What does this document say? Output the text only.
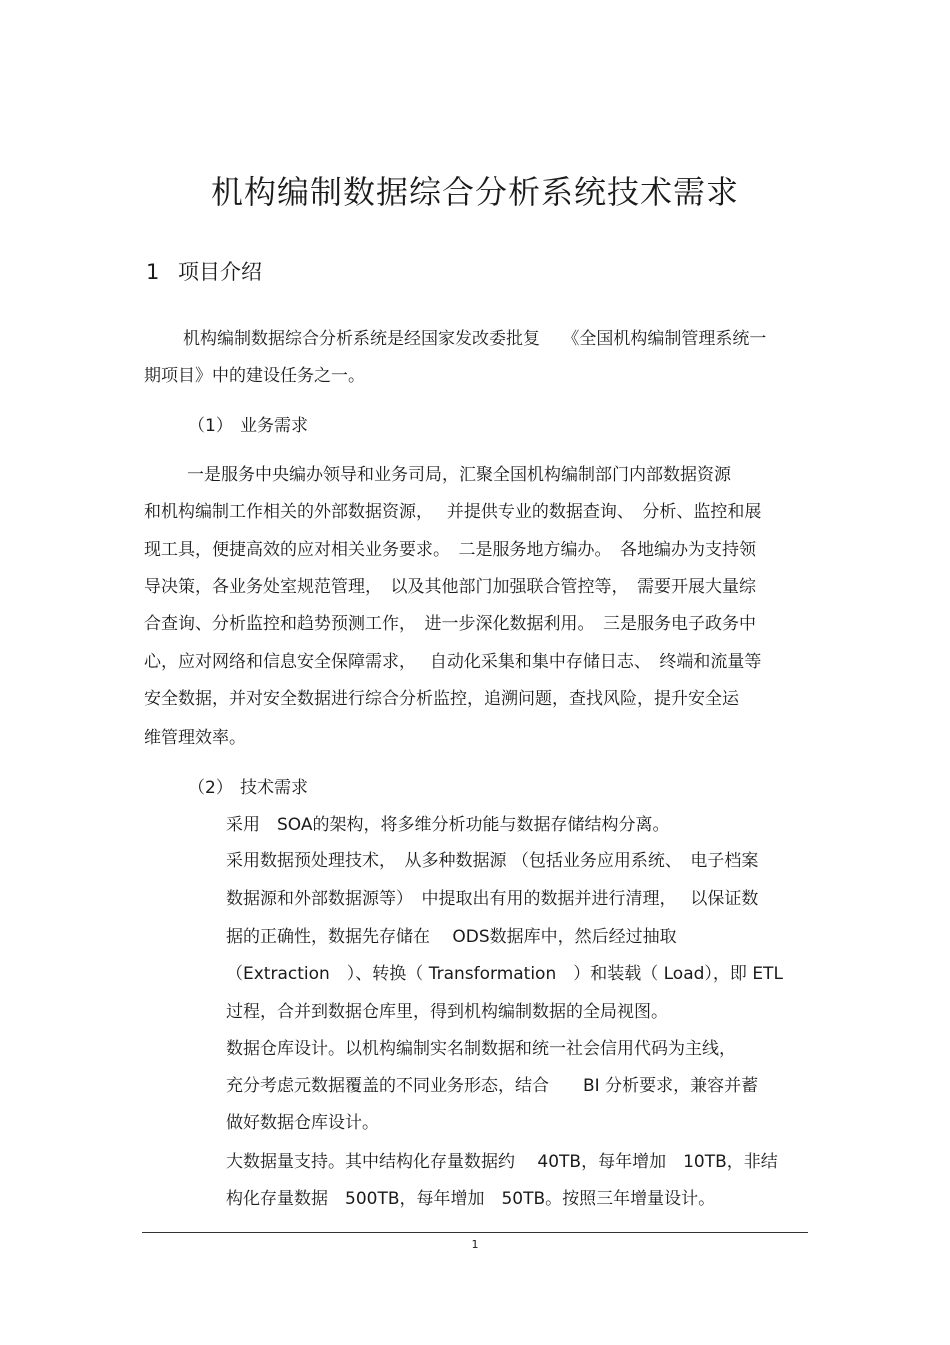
机构编制数据综合分析系统技术需求
1 项目介绍
机构编制数据综合分析系统是经国家发改委批复　 《全国机构编制管理系统一
期项目》中的建设任务之一。
（1） 业务需求
一是服务中央编办领导和业务司局，汇聚全国机构编制部门内部数据资源
和机构编制工作相关的外部数据资源，　 并提供专业的数据查询、　分析、监控和展
现工具，便捷高效的应对相关业务要求。　二是服务地方编办。　各地编办为支持领
导决策，各业务处室规范管理，　以及其他部门加强联合管控等，　需要开展大量综
合查询、分析监控和趋势预测工作，　进一步深化数据利用。　三是服务电子政务中
心，应对网络和信息安全保障需求，　 自动化采集和集中存储日志、　终端和流量等
安全数据，并对安全数据进行综合分析监控，追溯问题，查找风险，提升安全运
维管理效率。
（2） 技术需求
采用　SOA的架构，将多维分析功能与数据存储结构分离。
采用数据预处理技术，　从多种数据源 （包括业务应用系统、　电子档案
数据源和外部数据源等）　中提取出有用的数据并进行清理，　 以保证数
据的正确性，数据先存储在　 ODS数据库中，然后经过抽取
（Extraction　）、转换（ Transformation　）和装载（ Load），即 ETL
过程，合并到数据仓库里，得到机构编制数据的全局视图。
数据仓库设计。以机构编制实名制数据和统一社会信用代码为主线，
充分考虑元数据覆盖的不同业务形态，结合　　BI 分析要求，兼容并蓄
做好数据仓库设计。
大数据量支持。其中结构化存量数据约　 40TB，每年增加　10TB，非结
构化存量数据　500TB，每年增加　50TB。按照三年增量设计。
1
